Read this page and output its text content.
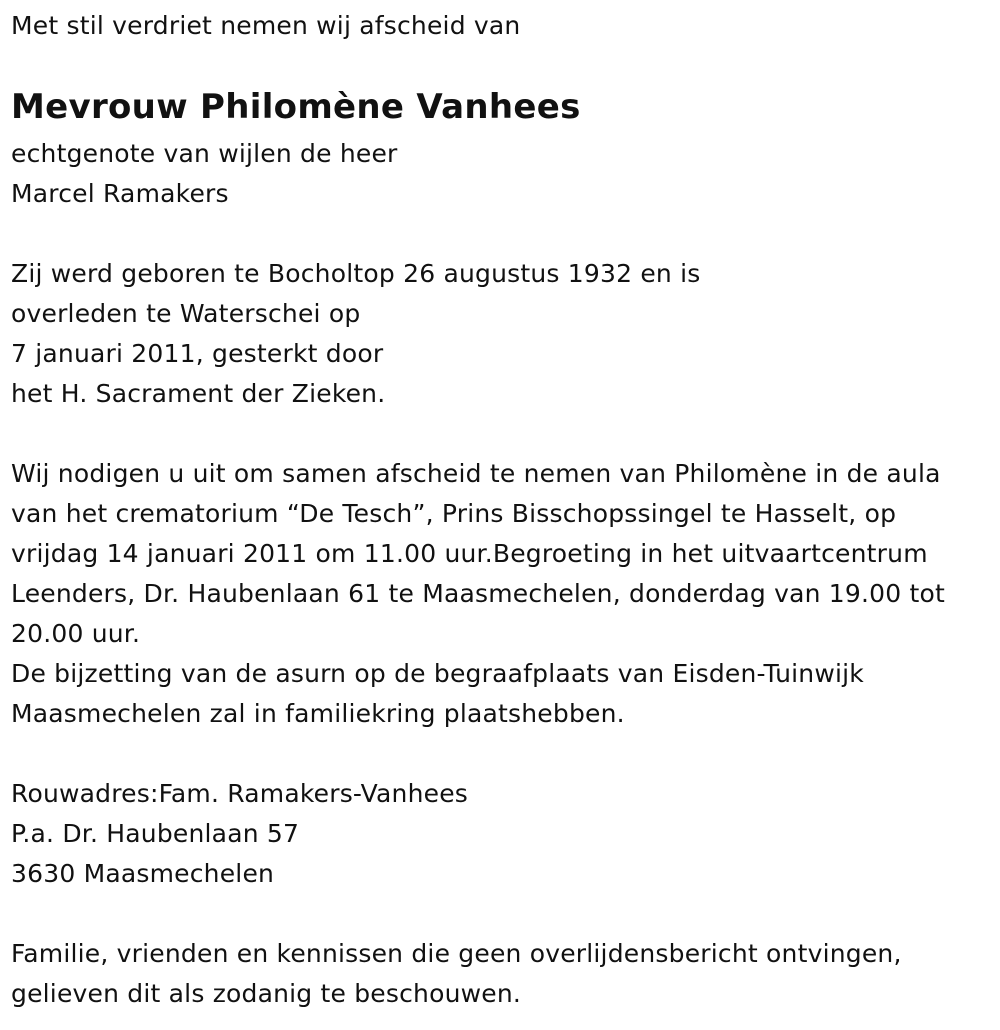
Met stil verdriet nemen wij afscheid van
Mevrouw Philomène Vanhees
echtgenote van wijlen de heer
Marcel Ramakers
Zij werd geboren te Bocholtop 26 augustus 1932 en is
overleden te Waterschei op
7 januari 2011, gesterkt door
het H. Sacrament der Zieken.
Wij nodigen u uit om samen afscheid te nemen van Philomène in de aula
van het crematorium “De Tesch”, Prins Bisschopssingel te Hasselt, op
vrijdag 14 januari 2011 om 11.00 uur.Begroeting in het uitvaartcentrum
Leenders, Dr. Haubenlaan 61 te Maasmechelen, donderdag van 19.00 tot
20.00 uur.
De bijzetting van de asurn op de begraafplaats van Eisden-Tuinwijk
Maasmechelen zal in familiekring plaatshebben.
Rouwadres:Fam. Ramakers-Vanhees
P.a. Dr. Haubenlaan 57
3630 Maasmechelen
Familie, vrienden en kennissen die geen overlijdensbericht ontvingen,
gelieven dit als zodanig te beschouwen.
